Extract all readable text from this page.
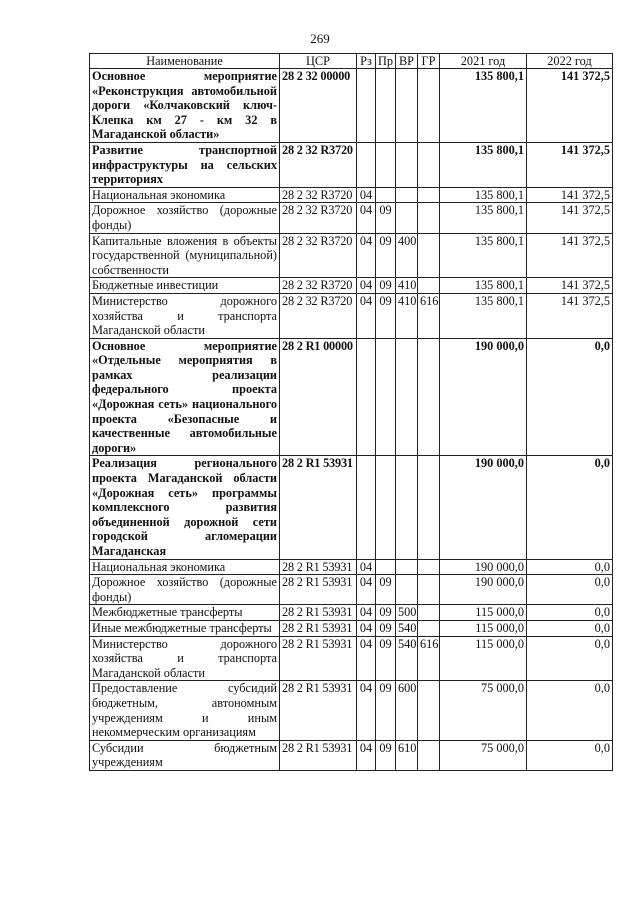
269
Наименование	ЦСР	Рз	Пр	ВР	ГР	2021 год	2022 год
Основное мероприятие «Реконструкция автомобильной дороги «Колчаковский ключ-Клепка км 27 - км 32 в Магаданской области»	28 2 32 00000					135 800,1	141 372,5
Развитие транспортной инфраструктуры на сельских территориях	28 2 32 R3720					135 800,1	141 372,5
Национальная экономика	28 2 32 R3720	04				135 800,1	141 372,5
Дорожное хозяйство (дорожные фонды)	28 2 32 R3720	04	09			135 800,1	141 372,5
Капитальные вложения в объекты государственной (муниципальной) собственности	28 2 32 R3720	04	09	400		135 800,1	141 372,5
Бюджетные инвестиции	28 2 32 R3720	04	09	410		135 800,1	141 372,5
Министерство дорожного хозяйства и транспорта Магаданской области	28 2 32 R3720	04	09	410	616	135 800,1	141 372,5
Основное мероприятие «Отдельные мероприятия в рамках реализации федерального проекта «Дорожная сеть» национального проекта «Безопасные и качественные автомобильные дороги»	28 2 R1 00000					190 000,0	0,0
Реализация регионального проекта Магаданской области «Дорожная сеть» программы комплексного развития объединенной дорожной сети городской агломерации Магаданская	28 2 R1 53931					190 000,0	0,0
Национальная экономика	28 2 R1 53931	04				190 000,0	0,0
Дорожное хозяйство (дорожные фонды)	28 2 R1 53931	04	09			190 000,0	0,0
Межбюджетные трансферты	28 2 R1 53931	04	09	500		115 000,0	0,0
Иные межбюджетные трансферты	28 2 R1 53931	04	09	540		115 000,0	0,0
Министерство дорожного хозяйства и транспорта Магаданской области	28 2 R1 53931	04	09	540	616	115 000,0	0,0
Предоставление субсидий бюджетным, автономным учреждениям и иным некоммерческим организациям	28 2 R1 53931	04	09	600		75 000,0	0,0
Субсидии бюджетным учреждениям	28 2 R1 53931	04	09	610		75 000,0	0,0
